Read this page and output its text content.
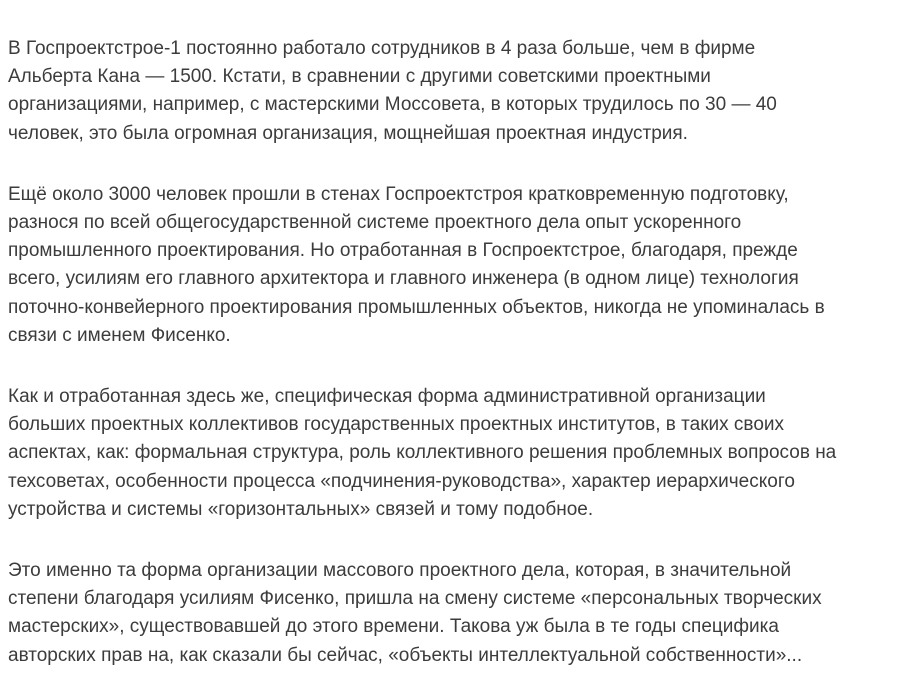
В Госпроектстрое-1 постоянно работало сотрудников в 4 раза больше, чем в фирме
Альберта Кана — 1500. Кстати, в сравнении с другими советскими проектными
организациями, например, с мастерскими Моссовета, в которых трудилось по 30 — 40
человек, это была огромная организация, мощнейшая проектная индустрия.

Ещё около 3000 человек прошли в стенах Госпроектстроя кратковременную подготовку,
разнося по всей общегосударственной системе проектного дела опыт ускоренного
промышленного проектирования. Но отработанная в Госпроектстрое, благодаря, прежде
всего, усилиям его главного архитектора и главного инженера (в одном лице) технология
поточно-конвейерного проектирования промышленных объектов, никогда не упоминалась в
связи с именем Фисенко.

Как и отработанная здесь же, специфическая форма административной организации
больших проектных коллективов государственных проектных институтов, в таких своих
аспектах, как: формальная структура, роль коллективного решения проблемных вопросов на
техсоветах, особенности процесса «подчинения-руководства», характер иерархического
устройства и системы «горизонтальных» связей и тому подобное.

Это именно та форма организации массового проектного дела, которая, в значительной
степени благодаря усилиям Фисенко, пришла на смену системе «персональных творческих
мастерских», существовавшей до этого времени. Такова уж была в те годы специфика
авторских прав на, как сказали бы сейчас, «объекты интеллектуальной собственности»...
